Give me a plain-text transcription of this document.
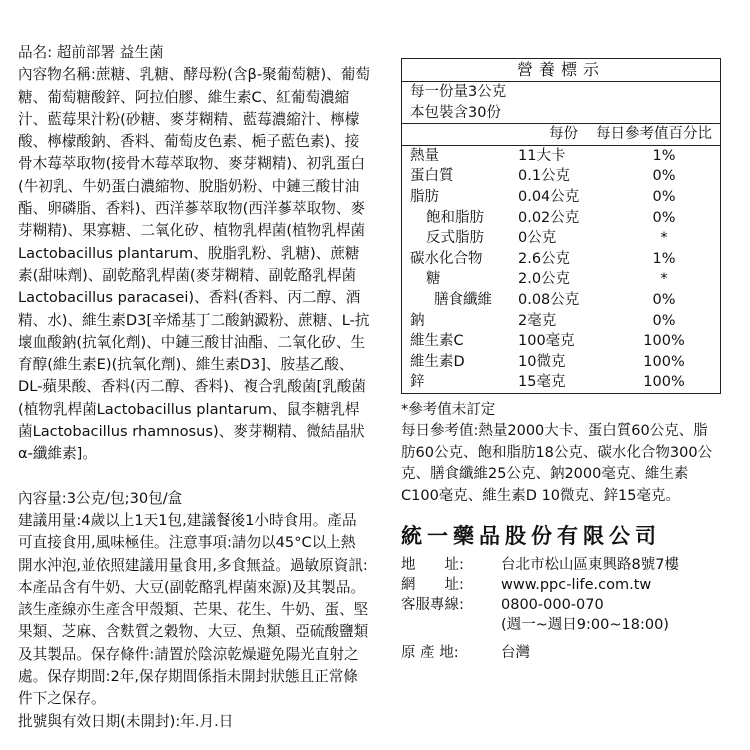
品名: 超前部署 益生菌

內容物名稱:蔗糖、乳糖、酵母粉(含β-聚葡萄糖)、葡萄糖、葡萄糖酸鋅、阿拉伯膠、維生素C、紅葡萄濃縮汁、藍莓果汁粉(砂糖、麥芽糊精、藍莓濃縮汁、檸檬酸、檸檬酸鈉、香料、葡萄皮色素、梔子藍色素)、接骨木莓萃取物(接骨木莓萃取物、麥芽糊精)、初乳蛋白(牛初乳、牛奶蛋白濃縮物、脫脂奶粉、中鏈三酸甘油酯、卵磷脂、香料)、西洋蔘萃取物(西洋蔘萃取物、麥芽糊精)、果寡糖、二氧化矽、植物乳桿菌(植物乳桿菌 Lactobacillus plantarum、脫脂乳粉、乳糖)、蔗糖素(甜味劑)、副乾酪乳桿菌(麥芽糊精、副乾酪乳桿菌 Lactobacillus paracasei)、香料(香料、丙二醇、酒精、水)、維生素D3[辛烯基丁二酸鈉澱粉、蔗糖、L-抗壞血酸鈉(抗氧化劑)、中鏈三酸甘油酯、二氧化矽、生育醇(維生素E)(抗氧化劑)、維生素D3]、胺基乙酸、DL-蘋果酸、香料(丙二醇、香料)、複合乳酸菌[乳酸菌(植物乳桿菌Lactobacillus plantarum、鼠李糖乳桿菌Lactobacillus rhamnosus)、麥芽糊精、微結晶狀α-纖維素]。

內容量:3公克/包;30包/盒

建議用量:4歲以上1天1包,建議餐後1小時食用。產品可直接食用,風味極佳。注意事項:請勿以45°C以上熱開水沖泡,並依照建議用量食用,多食無益。過敏原資訊:本產品含有牛奶、大豆(副乾酪乳桿菌來源)及其製品。該生產線亦生產含甲殼類、芒果、花生、牛奶、蛋、堅果類、芝麻、含麩質之穀物、大豆、魚類、亞硫酸鹽類及其製品。保存條件:請置於陰涼乾燥避免陽光直射之處。保存期間:2年,保存期間係指未開封狀態且正常條件下之保存。

批號與有效日期(未開封):年.月.日

營養標示
每一份量3公克
本包裝含30份
每份	每日參考值百分比
熱量	11大卡	1%
蛋白質	0.1公克	0%
脂肪	0.04公克	0%
飽和脂肪	0.02公克	0%
反式脂肪	0公克	*
碳水化合物	2.6公克	1%
糖	2.0公克	*
膳食纖維	0.08公克	0%
鈉	2毫克	0%
維生素C	100毫克	100%
維生素D	10微克	100%
鋅	15毫克	100%
*參考值未訂定
每日參考值:熱量2000大卡、蛋白質60公克、脂肪60公克、飽和脂肪18公克、碳水化合物300公克、膳食纖維25公克、鈉2000毫克、維生素C100毫克、維生素D 10微克、鋅15毫克。
統一藥品股份有限公司
地　　址:	台北市松山區東興路8號7樓
網　　址:	www.ppc-life.com.tw
客服專線:	0800-000-070
(週一~週日9:00~18:00)
原 產 地:	台灣
